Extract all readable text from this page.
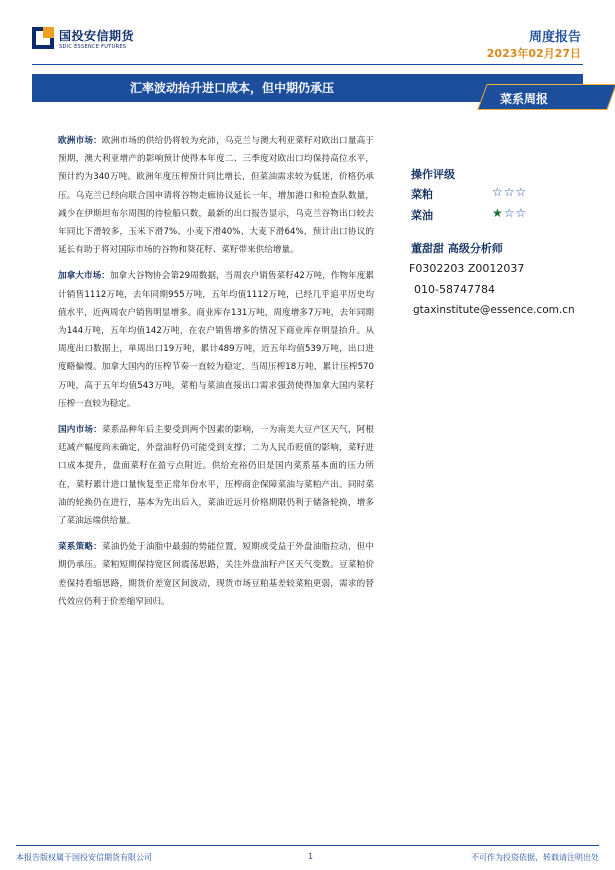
国投安信期货
SDIC ESSENCE FUTURES
周度报告
2023年02月27日
汇率波动抬升进口成本，但中期仍承压
菜系周报

欧洲市场：欧洲市场的供给仍将较为充沛，乌克兰与澳大利亚菜籽对欧出口量高于预期，澳大利亚增产的影响预计使得本年度二、三季度对欧出口均保持高位水平，预计约为340万吨。欧洲年度压榨预计同比增长，但菜油需求较为低迷，价格仍承压。乌克兰已经向联合国申请将谷物走廊协议延长一年，增加港口和检查队数量，减少在伊斯坦布尔周围的待检船只数，最新的出口报告显示，乌克兰谷物出口较去年同比下滑较多，玉米下滑7%、小麦下滑40%、大麦下滑64%，预计出口协议的延长有助于将对国际市场的谷物和葵花籽、菜籽带来供给增量。

加拿大市场：加拿大谷物协会第29周数据，当周农户销售菜籽42万吨，作物年度累计销售1112万吨，去年同期955万吨，五年均值1112万吨，已经几乎追平历史均值水平，近两周农户销售明显增多。商业库存131万吨，周度增多7万吨，去年同期为144万吨，五年均值142万吨，在农户销售增多的情况下商业库存明显抬升。从周度出口数据上，单周出口19万吨，累计489万吨，近五年均值539万吨，出口进度略偏慢。加拿大国内的压榨节奏一直较为稳定，当周压榨18万吨，累计压榨570万吨，高于五年均值543万吨，菜粕与菜油直接出口需求强劲使得加拿大国内菜籽压榨一直较为稳定。

国内市场：菜系品种年后主要受到两个因素的影响，一为南美大豆产区天气，阿根廷减产幅度尚未确定，外盘油籽仍可能受到支撑；二为人民币贬值的影响，菜籽进口成本提升，盘面菜籽在盈亏点附近。供给充裕仍旧是国内菜系基本面的压力所在，菜籽累计进口量恢复至正常年份水平，压榨商企保障菜油与菜粕产出。同时菜油的轮换仍在进行，基本为先出后入，菜油近远月价格期限仍利于储备轮换，增多了菜油远端供给量。

菜系策略：菜油仍处于油脂中最弱的势能位置，短期或受益于外盘油脂拉动，但中期仍承压。菜粕短期保持宽区间震荡思路，关注外盘油籽产区天气变数。豆菜粕价差保持看缩思路，期货价差宽区间波动，现货市场豆粕基差较菜粕更弱，需求的替代效应仍利于价差缩窄回归。

操作评级
菜粕	☆☆☆
菜油	★☆☆
董甜甜 高级分析师
F0302203 Z0012037
010-58747784
gtaxinstitute@essence.com.cn
本报告版权属于国投安信期货有限公司	1	不可作为投资依据，转载请注明出处
